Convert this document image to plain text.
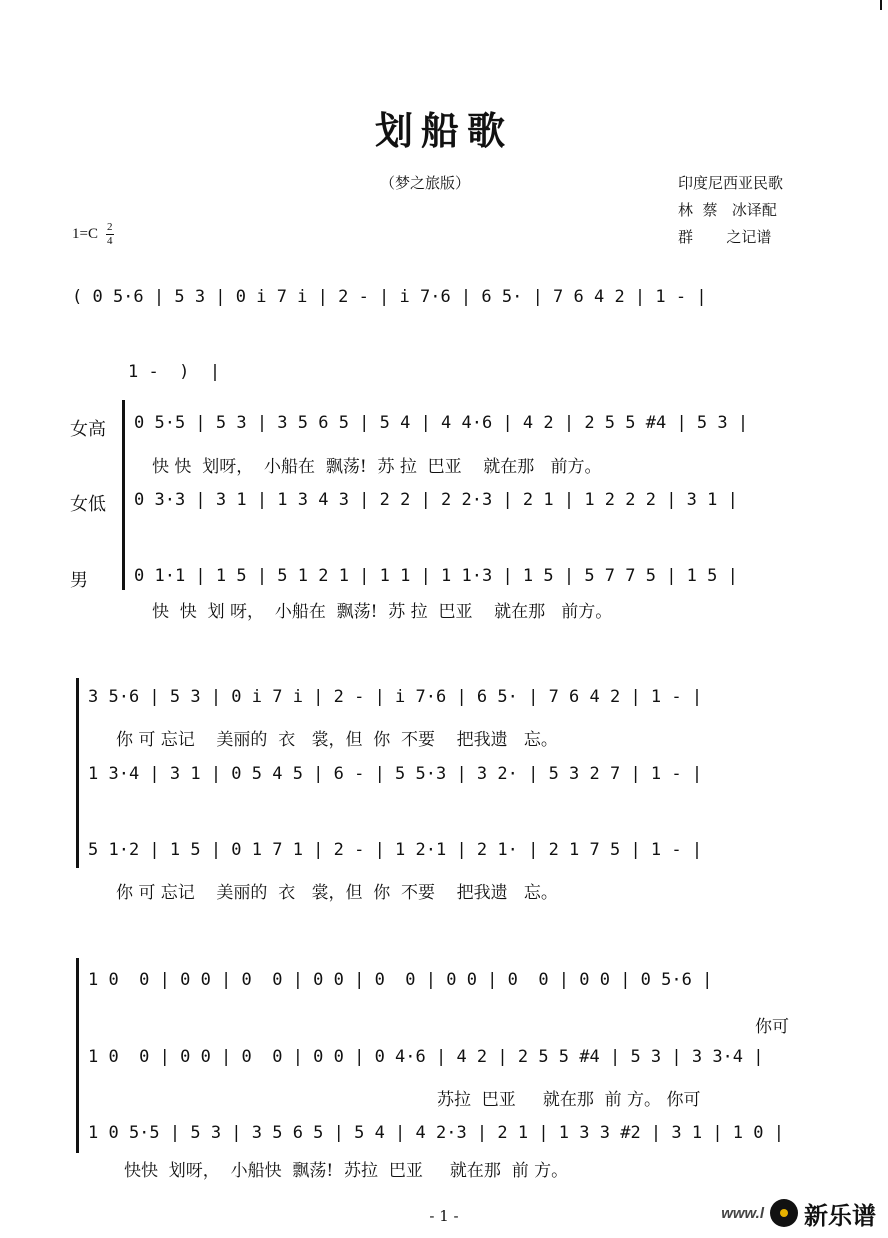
划船歌
（梦之旅版）	印度尼西亚民歌
林  蔡   冰译配
群       之记谱
$1=C \frac{2}{4}$
( 0 5·6 | 5 3 | 0 i 7 i | 2 - | i 7·6 | 6 5· | 7 6 4 2 | 1 - |
1 -  )  |
女高
女低
男
0 5·5 | 5 3 | 3 5 6 5 | 5 4 | 4 4·6 | 4 2 | 2 5 5 #4 | 5 3 |
快 快  划呀，  小船在  飘荡!  苏 拉  巴亚    就在那   前方。
0 3·3 | 3 1 | 1 3 4 3 | 2 2 | 2 2·3 | 2 1 | 1 2 2 2 | 3 1 |
0 1·1 | 1 5 | 5 1 2 1 | 1 1 | 1 1·3 | 1 5 | 5 7 7 5 | 1 5 |
快  快  划 呀，  小船在  飘荡!  苏 拉  巴亚    就在那   前方。
3 5·6 | 5 3 | 0 i 7 i | 2 - | i 7·6 | 6 5· | 7 6 4 2 | 1 - |
你 可 忘记    美丽的  衣   裳，但  你  不要    把我遗   忘。
1 3·4 | 3 1 | 0 5 4 5 | 6 - | 5 5·3 | 3 2· | 5 3 2 7 | 1 - |
5 1·2 | 1 5 | 0 1 7 1 | 2 - | 1 2·1 | 2 1· | 2 1 7 5 | 1 - |
你 可 忘记    美丽的  衣   裳，但  你  不要    把我遗   忘。
1 0  0 | 0 0 | 0  0 | 0 0 | 0  0 | 0 0 | 0  0 | 0 0 | 0 5·6 |
你可
1 0  0 | 0 0 | 0  0 | 0 0 | 0 4·6 | 4 2 | 2 5 5 #4 | 5 3 | 3 3·4 |
苏拉  巴亚     就在那  前 方。 你可
1 0 5·5 | 5 3 | 3 5 6 5 | 5 4 | 4 2·3 | 2 1 | 1 3 3 #2 | 3 1 | 1 0 |
快快  划呀，  小船快  飘荡!  苏拉  巴亚     就在那  前 方。
- 1 -	www.l 新乐谱
